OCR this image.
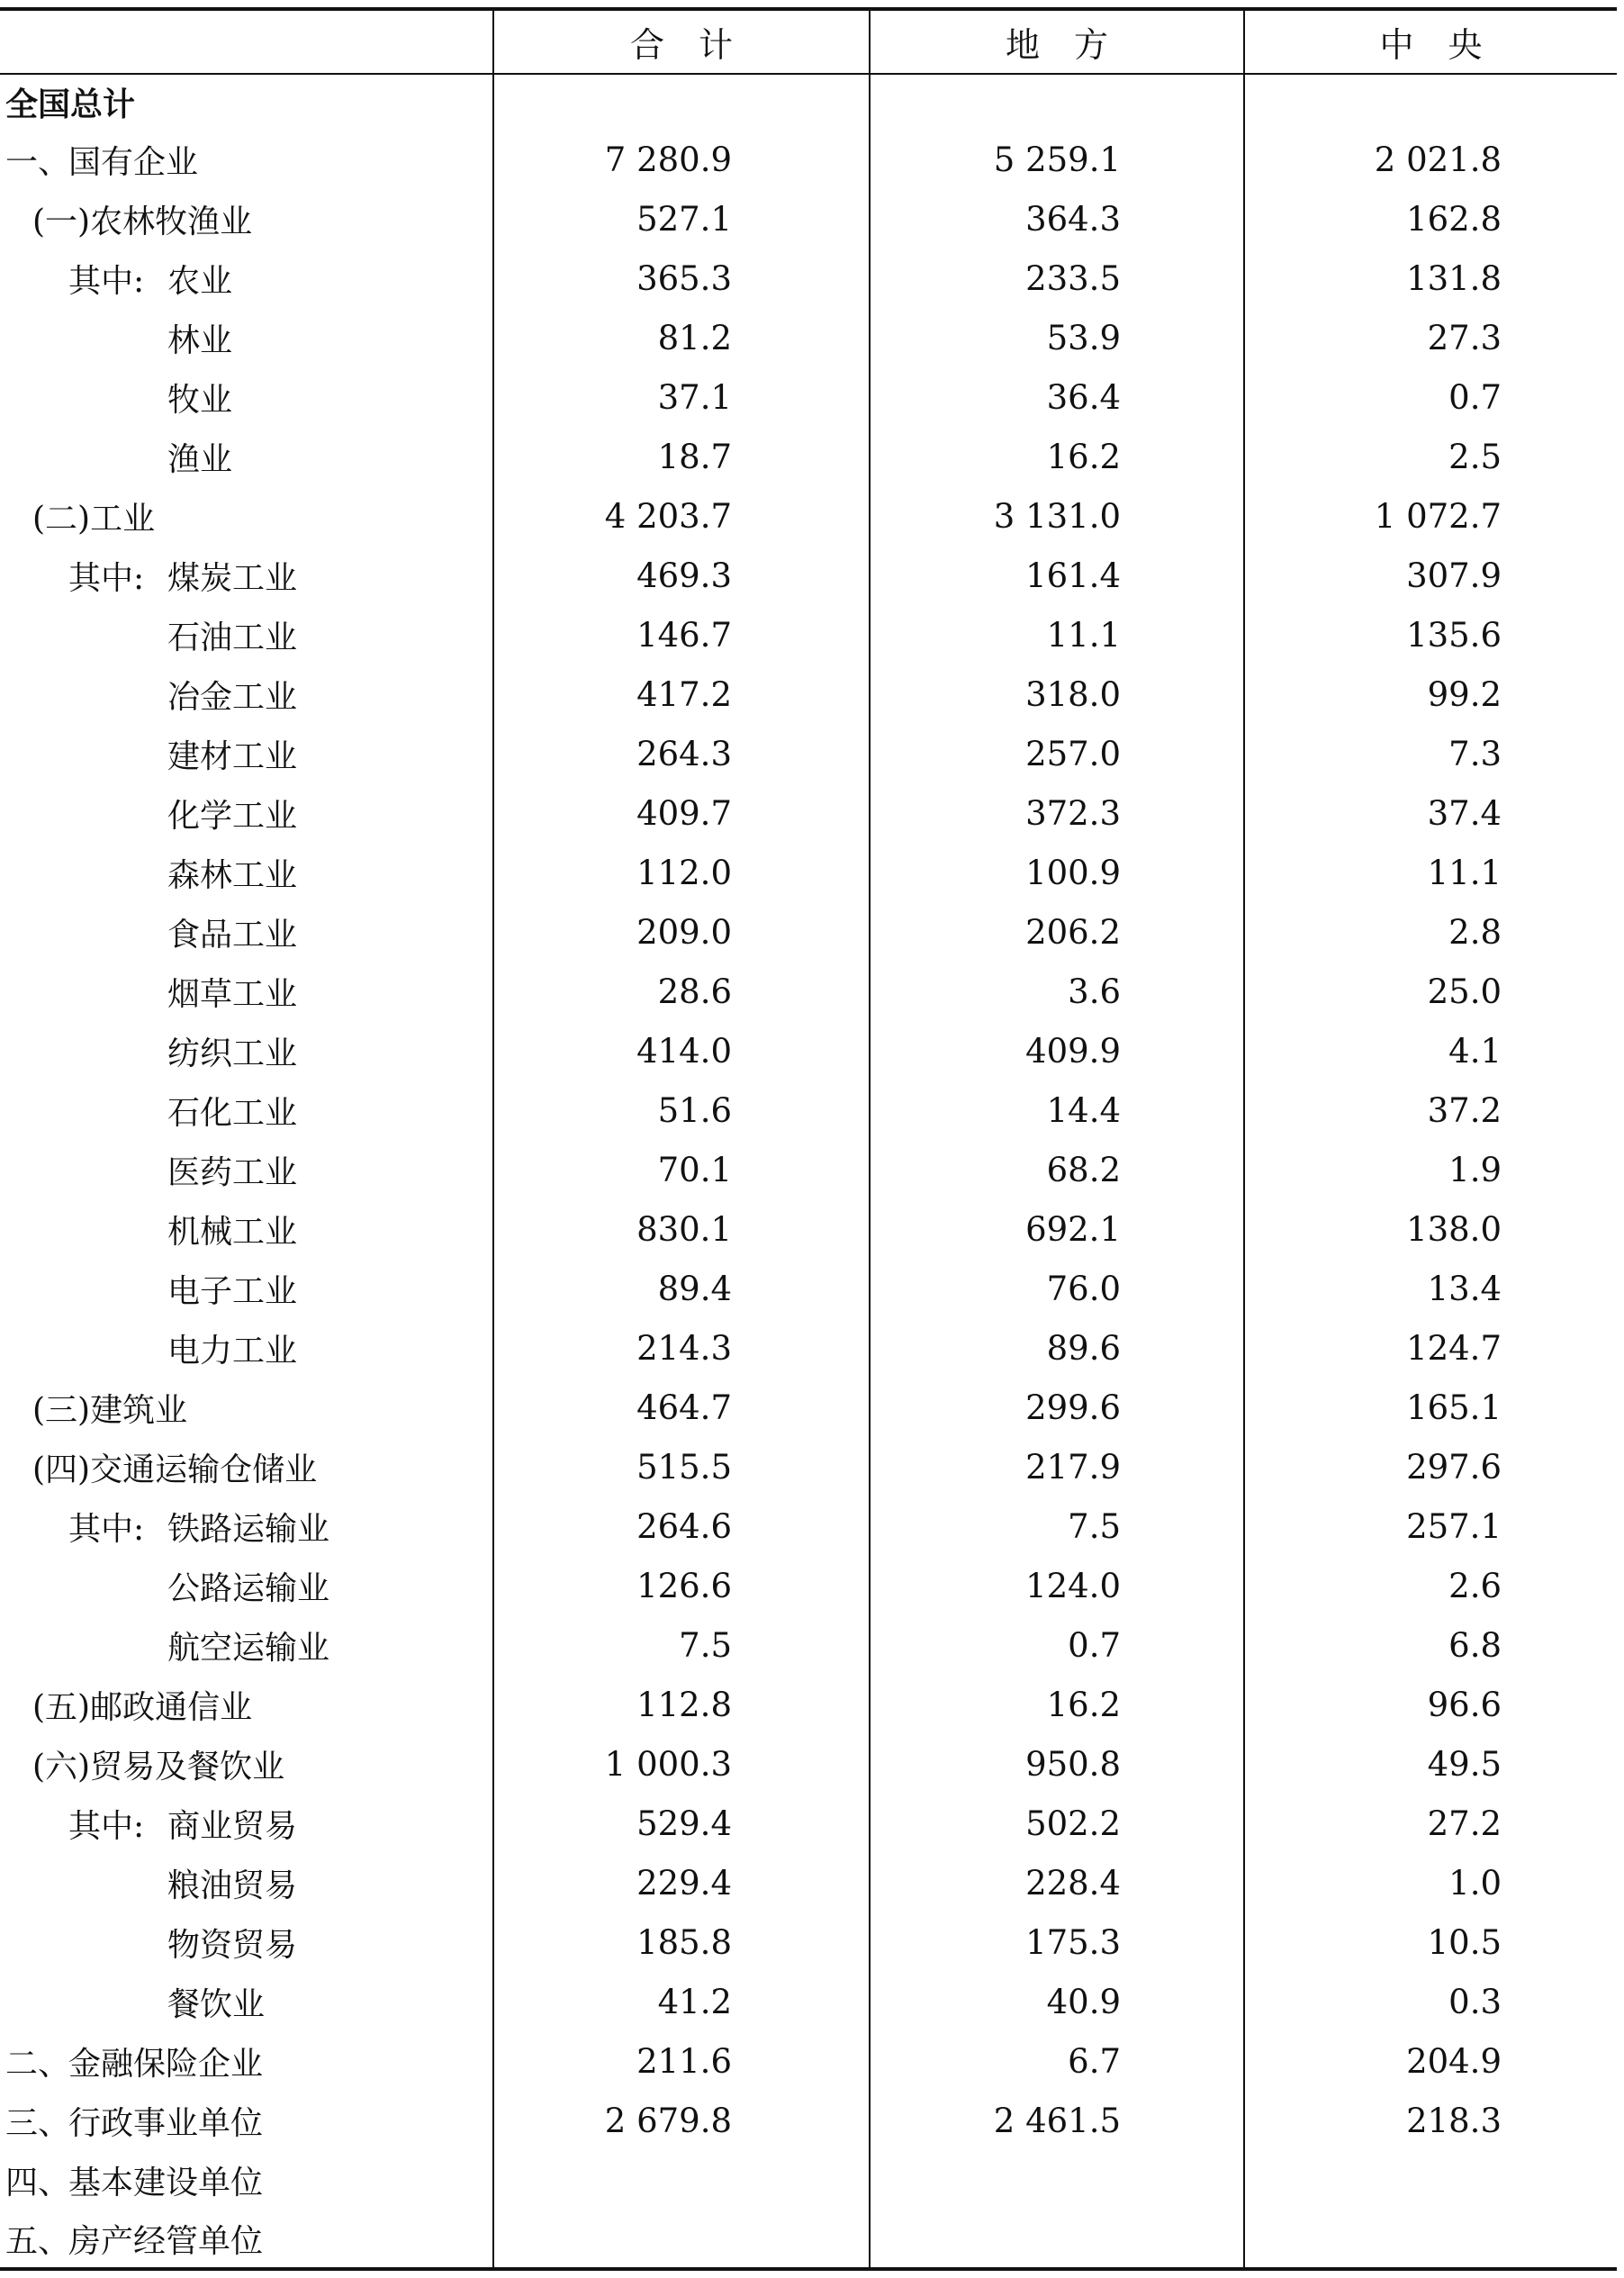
	合　计	地　方	中　央
全国总计			
一、国有企业	7 280.9	5 259.1	2 021.8
(一)农林牧渔业	527.1	364.3	162.8
其中: 农业	365.3	233.5	131.8
林业	81.2	53.9	27.3
牧业	37.1	36.4	0.7
渔业	18.7	16.2	2.5
(二)工业	4 203.7	3 131.0	1 072.7
其中: 煤炭工业	469.3	161.4	307.9
石油工业	146.7	11.1	135.6
冶金工业	417.2	318.0	99.2
建材工业	264.3	257.0	7.3
化学工业	409.7	372.3	37.4
森林工业	112.0	100.9	11.1
食品工业	209.0	206.2	2.8
烟草工业	28.6	3.6	25.0
纺织工业	414.0	409.9	4.1
石化工业	51.6	14.4	37.2
医药工业	70.1	68.2	1.9
机械工业	830.1	692.1	138.0
电子工业	89.4	76.0	13.4
电力工业	214.3	89.6	124.7
(三)建筑业	464.7	299.6	165.1
(四)交通运输仓储业	515.5	217.9	297.6
其中: 铁路运输业	264.6	7.5	257.1
公路运输业	126.6	124.0	2.6
航空运输业	7.5	0.7	6.8
(五)邮政通信业	112.8	16.2	96.6
(六)贸易及餐饮业	1 000.3	950.8	49.5
其中: 商业贸易	529.4	502.2	27.2
粮油贸易	229.4	228.4	1.0
物资贸易	185.8	175.3	10.5
餐饮业	41.2	40.9	0.3
二、金融保险企业	211.6	6.7	204.9
三、行政事业单位	2 679.8	2 461.5	218.3
四、基本建设单位			
五、房产经管单位			
